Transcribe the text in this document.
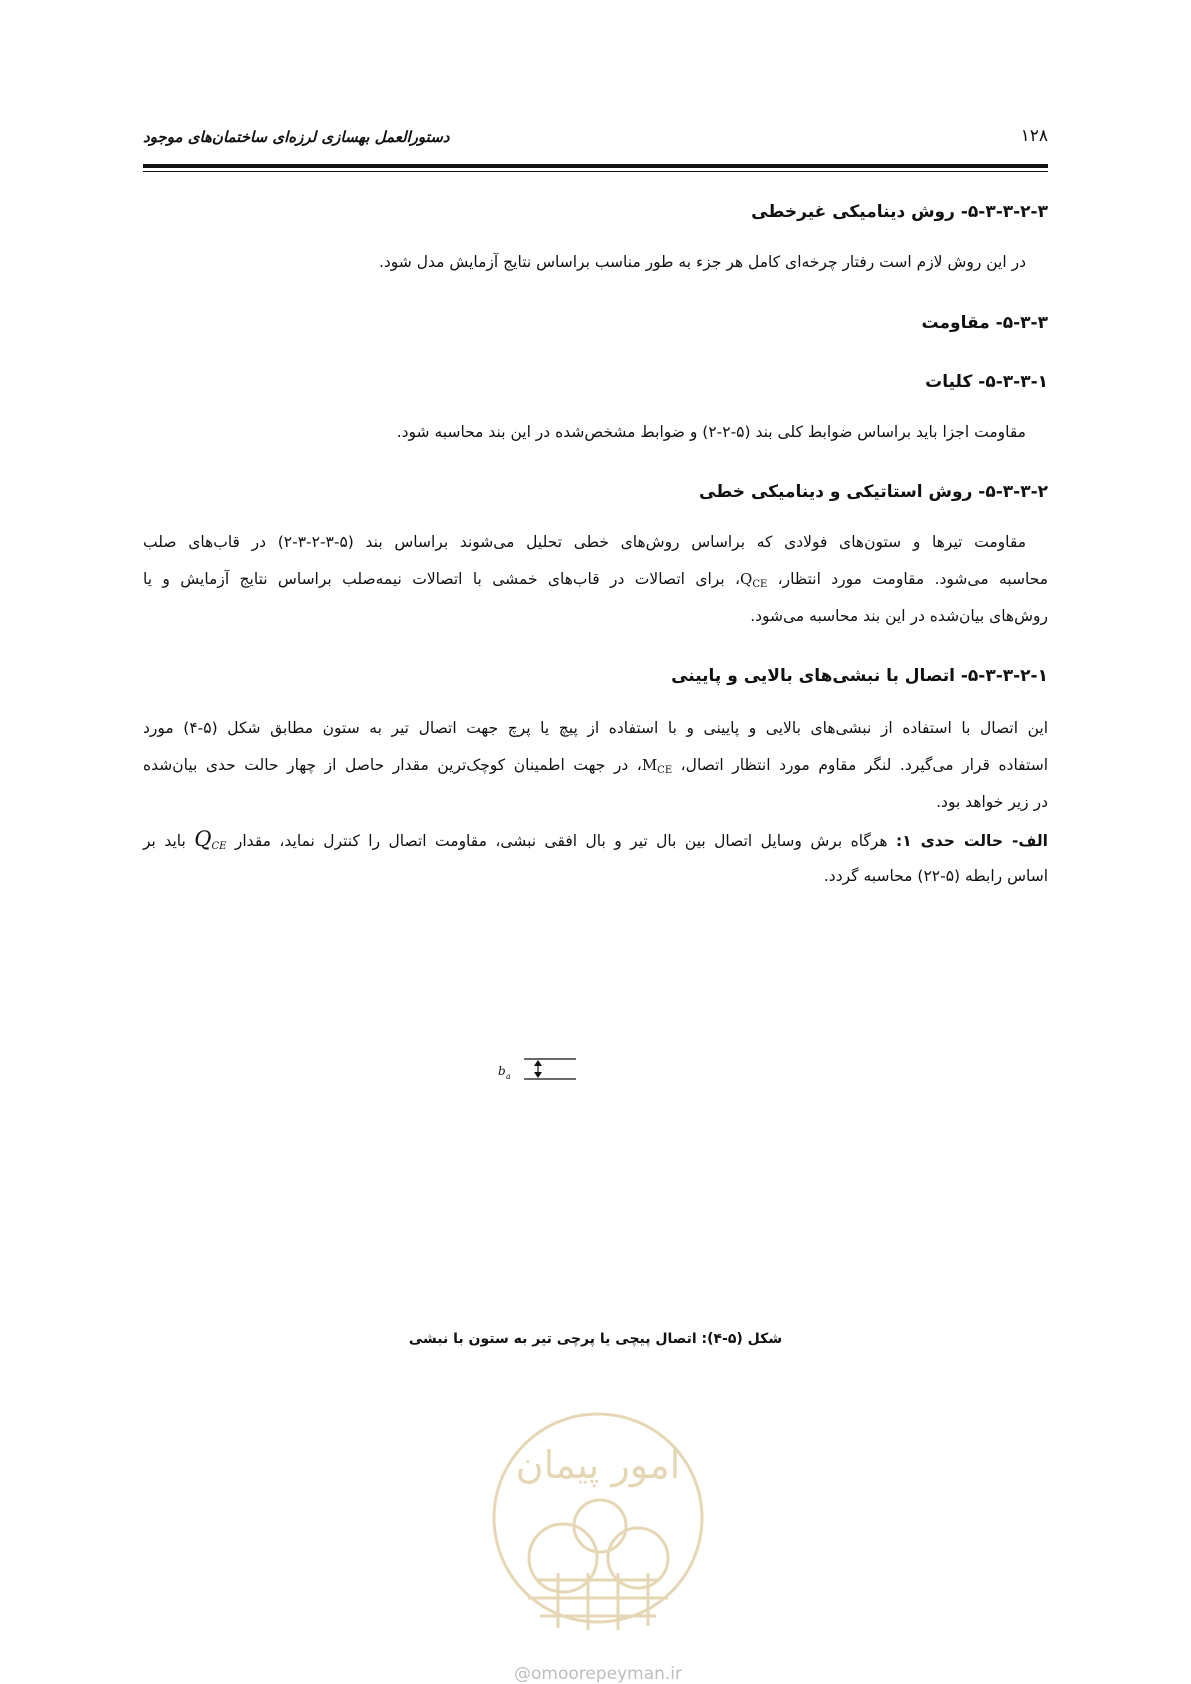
۱۲۸
دستورالعمل بهسازی لرزه‌ای ساختمان‌های موجود
۵-۳-۳-۲-۳- روش دینامیکی غیرخطی
در این روش لازم است رفتار چرخه‌ای کامل هر جزء به طور مناسب براساس نتایج آزمایش مدل شود.
۵-۳-۳- مقاومت
۵-۳-۳-۱- کلیات
مقاومت اجزا باید براساس ضوابط کلی بند (۵-۲-۲) و ضوابط مشخص‌شده در این بند محاسبه شود.
۵-۳-۳-۲- روش استاتیکی و دینامیکی خطی
مقاومت تیرها و ستون‌های فولادی که براساس روش‌های خطی تحلیل می‌شوند براساس بند (۵-۳-۲-۳-۲) در قاب‌های صلب
محاسبه می‌شود. مقاومت مورد انتظار، $Q_{CE}،$ برای اتصالات در قاب‌های خمشی با اتصالات نیمه‌صلب براساس نتایج آزمایش و یا
روش‌های بیان‌شده در این بند محاسبه می‌شود.
۵-۳-۳-۲-۱- اتصال با نبشی‌های بالایی و پایینی
این اتصال با استفاده از نبشی‌های بالایی و پایینی و با استفاده از پیچ یا پرچ جهت اتصال تیر به ستون مطابق شکل (۵-۴) مورد
استفاده قرار می‌گیرد. لنگر مقاوم مورد انتظار اتصال، $M_{CE}،$ در جهت اطمینان کوچک‌ترین مقدار حاصل از چهار حالت حدی بیان‌شده
در زیر خواهد بود.
الف- حالت حدی ۱: هرگاه برش وسایل اتصال بین بال تیر و بال افقی نبشی، مقاومت اتصال را کنترل نماید، مقدار $Q_{CE}$ باید بر
اساس رابطه (۵-۲۲) محاسبه گردد.
b a
شکل (۵-۴): اتصال پیچی یا پرچی تیر به ستون با نبشی
امور پیمان
@omoorepeyman.ir
